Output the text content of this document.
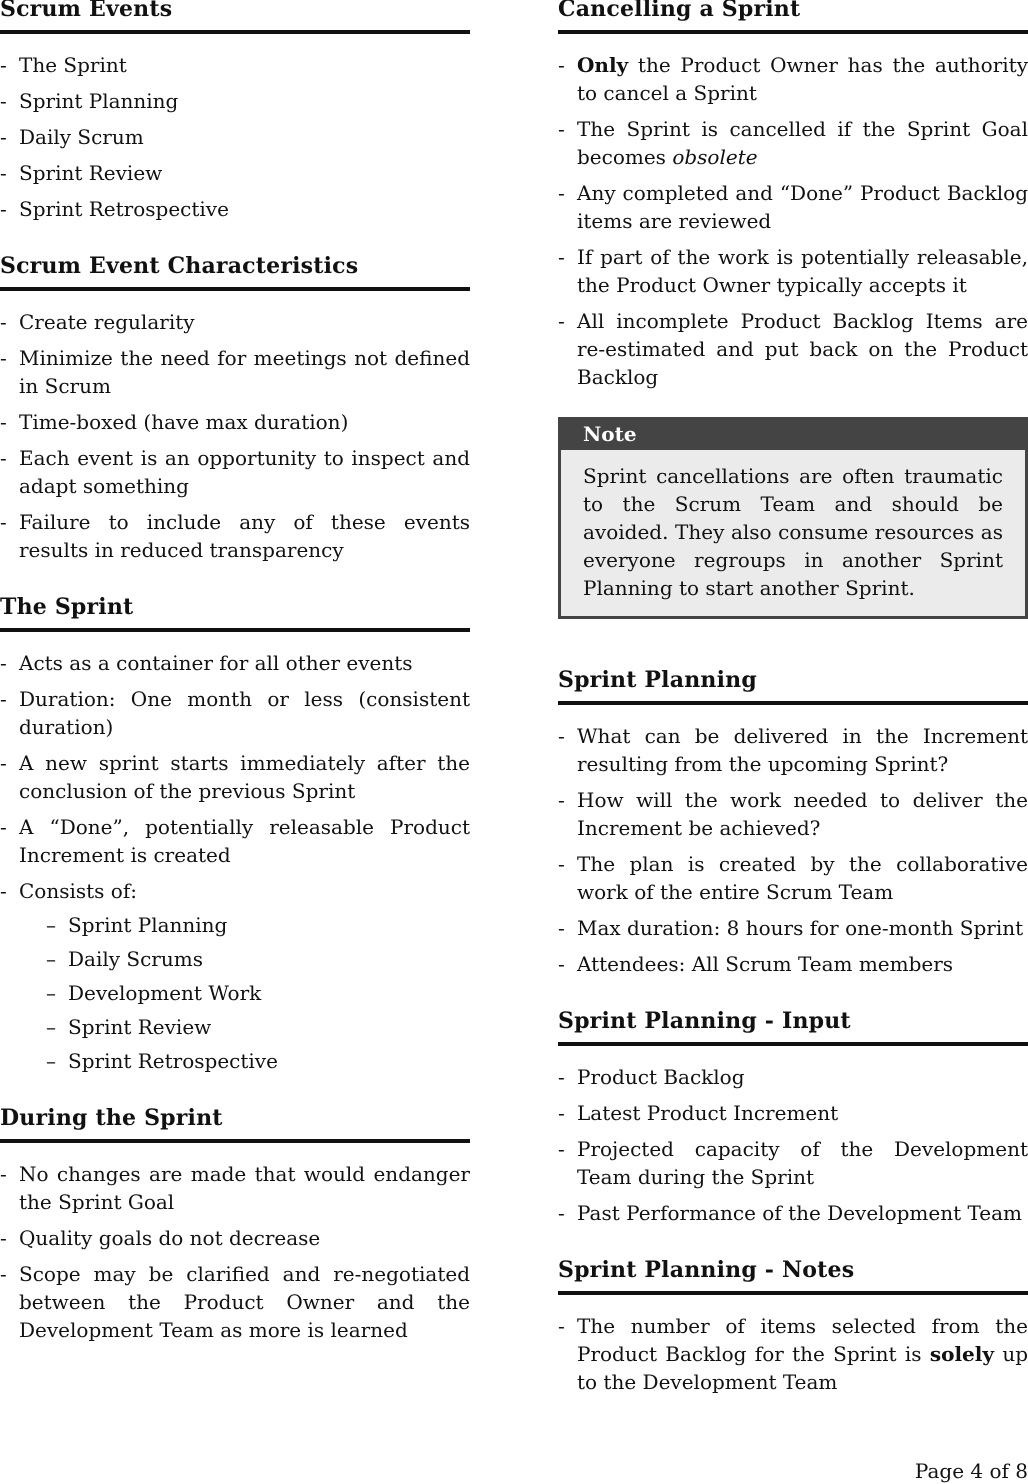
Scrum Events
- The Sprint
- Sprint Planning
- Daily Scrum
- Sprint Review
- Sprint Retrospective
Scrum Event Characteristics
- Create regularity
- Minimize the need for meetings not defined in Scrum
- Time-boxed (have max duration)
- Each event is an opportunity to inspect and adapt something
- Failure to include any of these events results in reduced transparency
The Sprint
- Acts as a container for all other events
- Duration: One month or less (consistent duration)
- A new sprint starts immediately after the conclusion of the previous Sprint
- A “Done”, potentially releasable Product Increment is created
- Consists of:
– Sprint Planning
– Daily Scrums
– Development Work
– Sprint Review
– Sprint Retrospective
During the Sprint
- No changes are made that would endanger the Sprint Goal
- Quality goals do not decrease
- Scope may be clarified and re-negotiated between the Product Owner and the Development Team as more is learned
Cancelling a Sprint
- Only the Product Owner has the authority to cancel a Sprint
- The Sprint is cancelled if the Sprint Goal becomes obsolete
- Any completed and “Done” Product Backlog items are reviewed
- If part of the work is potentially releasable, the Product Owner typically accepts it
- All incomplete Product Backlog Items are re-estimated and put back on the Product Backlog
Note
Sprint cancellations are often traumatic to the Scrum Team and should be avoided. They also consume resources as everyone regroups in another Sprint Planning to start another Sprint.
Sprint Planning
- What can be delivered in the Increment resulting from the upcoming Sprint?
- How will the work needed to deliver the Increment be achieved?
- The plan is created by the collaborative work of the entire Scrum Team
- Max duration: 8 hours for one-month Sprint
- Attendees: All Scrum Team members
Sprint Planning - Input
- Product Backlog
- Latest Product Increment
- Projected capacity of the Development Team during the Sprint
- Past Performance of the Development Team
Sprint Planning - Notes
- The number of items selected from the Product Backlog for the Sprint is solely up to the Development Team
Page 4 of 8
